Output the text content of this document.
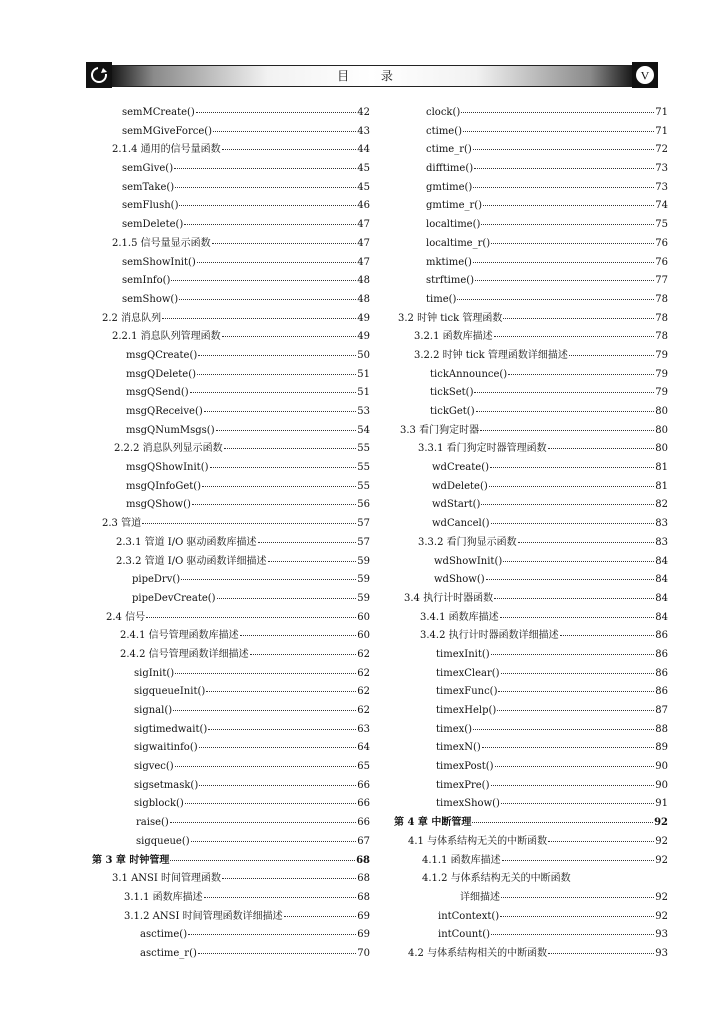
目 录	V
semMCreate()	42
semMGiveForce()	43
2.1.4 通用的信号量函数	44
semGive()	45
semTake()	45
semFlush()	46
semDelete()	47
2.1.5 信号量显示函数	47
semShowInit()	47
semInfo()	48
semShow()	48
2.2 消息队列	49
2.2.1 消息队列管理函数	49
msgQCreate()	50
msgQDelete()	51
msgQSend()	51
msgQReceive()	53
msgQNumMsgs()	54
2.2.2 消息队列显示函数	55
msgQShowInit()	55
msgQInfoGet()	55
msgQShow()	56
2.3 管道	57
2.3.1 管道 I/O 驱动函数库描述	57
2.3.2 管道 I/O 驱动函数详细描述	59
pipeDrv()	59
pipeDevCreate()	59
2.4 信号	60
2.4.1 信号管理函数库描述	60
2.4.2 信号管理函数详细描述	62
sigInit()	62
sigqueueInit()	62
signal()	62
sigtimedwait()	63
sigwaitinfo()	64
sigvec()	65
sigsetmask()	66
sigblock()	66
raise()	66
sigqueue()	67
第 3 章 时钟管理	68
3.1 ANSI 时间管理函数	68
3.1.1 函数库描述	68
3.1.2 ANSI 时间管理函数详细描述	69
asctime()	69
asctime_r()	70
clock()	71
ctime()	71
ctime_r()	72
difftime()	73
gmtime()	73
gmtime_r()	74
localtime()	75
localtime_r()	76
mktime()	76
strftime()	77
time()	78
3.2 时钟 tick 管理函数	78
3.2.1 函数库描述	78
3.2.2 时钟 tick 管理函数详细描述	79
tickAnnounce()	79
tickSet()	79
tickGet()	80
3.3 看门狗定时器	80
3.3.1 看门狗定时器管理函数	80
wdCreate()	81
wdDelete()	81
wdStart()	82
wdCancel()	83
3.3.2 看门狗显示函数	83
wdShowInit()	84
wdShow()	84
3.4 执行计时器函数	84
3.4.1 函数库描述	84
3.4.2 执行计时器函数详细描述	86
timexInit()	86
timexClear()	86
timexFunc()	86
timexHelp()	87
timex()	88
timexN()	89
timexPost()	90
timexPre()	90
timexShow()	91
第 4 章 中断管理	92
4.1 与体系结构无关的中断函数	92
4.1.1 函数库描述	92
4.1.2 与体系结构无关的中断函数
详细描述	92
intContext()	92
intCount()	93
4.2 与体系结构相关的中断函数	93
